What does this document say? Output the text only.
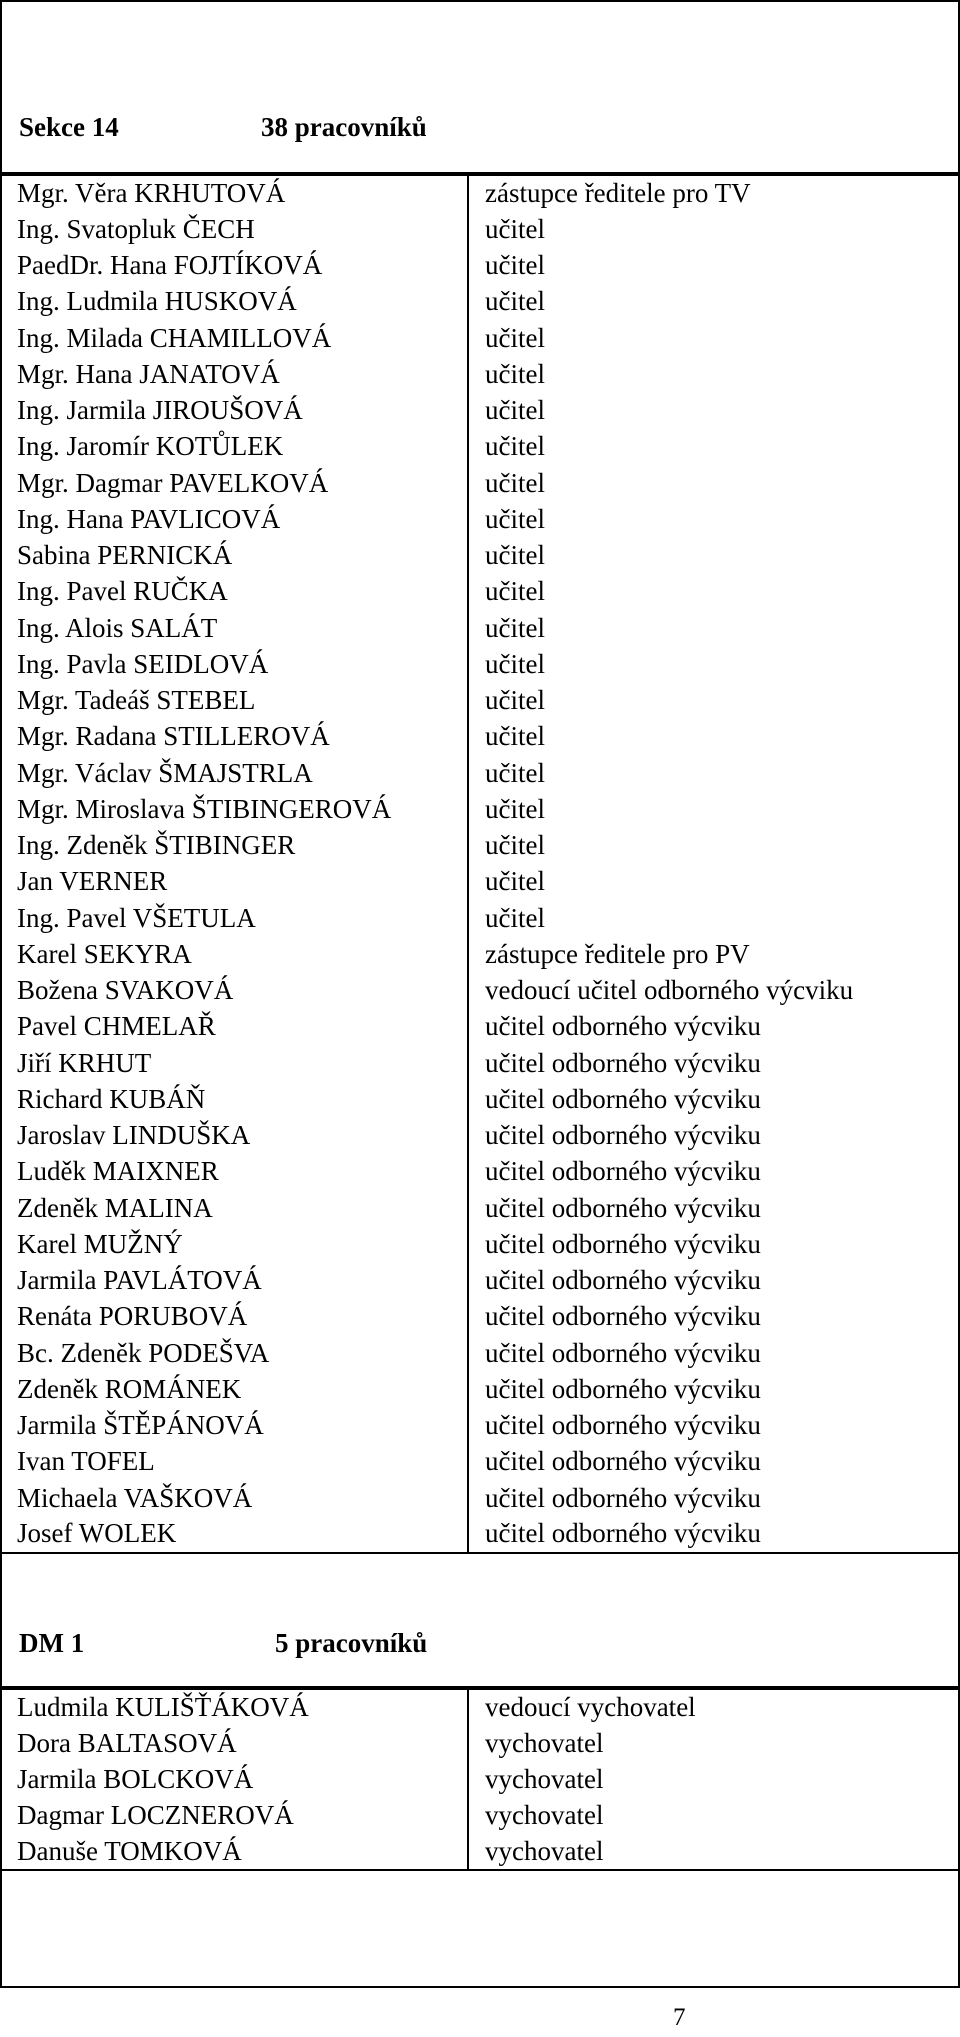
Sekce 14	38 pracovníků
Mgr. Věra KRHUTOVÁ	zástupce ředitele pro TV
Ing. Svatopluk ČECH	učitel
PaedDr. Hana FOJTÍKOVÁ	učitel
Ing. Ludmila HUSKOVÁ	učitel
Ing. Milada CHAMILLOVÁ	učitel
Mgr. Hana JANATOVÁ	učitel
Ing. Jarmila JIROUŠOVÁ	učitel
Ing. Jaromír KOTŮLEK	učitel
Mgr. Dagmar PAVELKOVÁ	učitel
Ing. Hana PAVLICOVÁ	učitel
Sabina PERNICKÁ	učitel
Ing. Pavel RUČKA	učitel
Ing. Alois SALÁT	učitel
Ing. Pavla SEIDLOVÁ	učitel
Mgr. Tadeáš STEBEL	učitel
Mgr. Radana STILLEROVÁ	učitel
Mgr. Václav ŠMAJSTRLA	učitel
Mgr. Miroslava ŠTIBINGEROVÁ	učitel
Ing. Zdeněk ŠTIBINGER	učitel
Jan VERNER	učitel
Ing. Pavel VŠETULA	učitel
Karel SEKYRA	zástupce ředitele pro PV
Božena SVAKOVÁ	vedoucí učitel odborného výcviku
Pavel CHMELAŘ	učitel odborného výcviku
Jiří KRHUT	učitel odborného výcviku
Richard KUBÁŇ	učitel odborného výcviku
Jaroslav LINDUŠKA	učitel odborného výcviku
Luděk MAIXNER	učitel odborného výcviku
Zdeněk MALINA	učitel odborného výcviku
Karel MUŽNÝ	učitel odborného výcviku
Jarmila PAVLÁTOVÁ	učitel odborného výcviku
Renáta PORUBOVÁ	učitel odborného výcviku
Bc. Zdeněk PODEŠVA	učitel odborného výcviku
Zdeněk ROMÁNEK	učitel odborného výcviku
Jarmila ŠTĚPÁNOVÁ	učitel odborného výcviku
Ivan TOFEL	učitel odborného výcviku
Michaela VAŠKOVÁ	učitel odborného výcviku
Josef WOLEK	učitel odborného výcviku
DM 1	5 pracovníků
Ludmila KULIŠŤÁKOVÁ	vedoucí vychovatel
Dora BALTASOVÁ	vychovatel
Jarmila BOLCKOVÁ	vychovatel
Dagmar LOCZNEROVÁ	vychovatel
Danuše TOMKOVÁ	vychovatel
7
